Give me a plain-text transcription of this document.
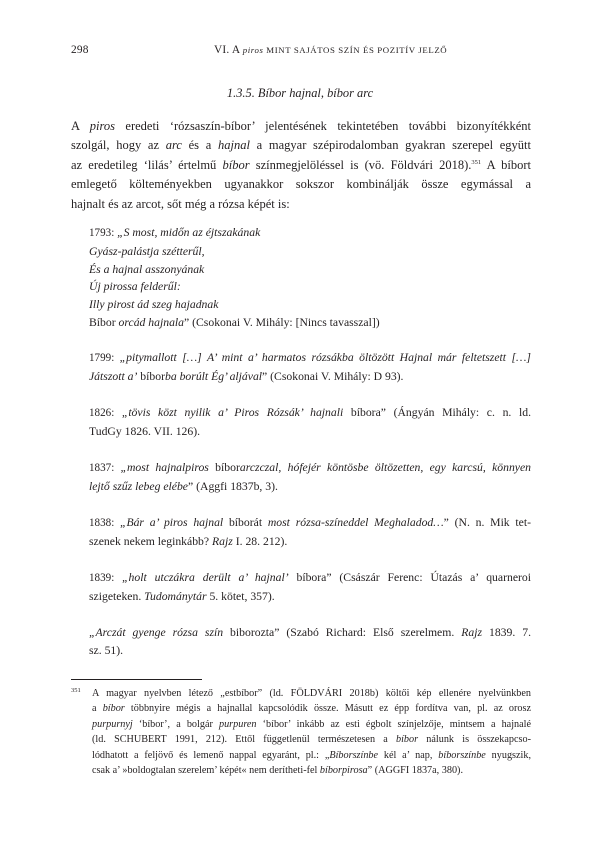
298	VI. A piros MINT SAJÁTOS SZÍN ÉS POZITÍV JELZŐ
1.3.5. Bíbor hajnal, bíbor arc
A piros eredeti ‘rózsaszín-bíbor’ jelentésének tekintetében további bizonyítékként
szolgál, hogy az arc és a hajnal a magyar szépirodalomban gyakran szerepel együtt
az eredetileg ‘lilás’ értelmű bíbor színmegjelöléssel is (vö. Földvári 2018).$^{351}$ A bíbort
emlegető költeményekben ugyanakkor sokszor kombinálják össze egymással a
hajnalt és az arcot, sőt még a rózsa képét is:
1793: „S most, midőn az éjtszakának
Gyász-palástja szétterűl,
És a hajnal asszonyának
Új pirossa felderűl:
Illy pirost ád szeg hajadnak
Bíbor orcád hajnala” (Csokonai V. Mihály: [Nincs tavasszal])
1799: „pitymallott […] A’ mint a’ harmatos rózsákba öltözött Hajnal már feltetszett […]
Játszott a’ bíborba borúlt Ég’ aljával” (Csokonai V. Mihály: D 93).
1826: „tövis közt nyilik a’ Piros Rózsák’ hajnali bíbora” (Ángyán Mihály: c. n. ld.
TudGy 1826. VII. 126).
1837: „most hajnalpiros bíborarczczal, hófejér köntösbe öltözetten, egy karcsú, könnyen
lejtő szűz lebeg elébe” (Aggfi 1837b, 3).
1838: „Bár a’ piros hajnal bíborát most rózsa-színeddel Meghaladod…” (N. n. Mik tet-
szenek nekem leginkább? Rajz I. 28. 212).
1839: „holt utczákra derült a’ hajnal’ bíbora” (Császár Ferenc: Útazás a’ quarneroi
szigeteken. Tudománytár 5. kötet, 357).
„Arczát gyenge rózsa szín biborozta” (Szabó Richard: Első szerelmem. Rajz 1839. 7.
sz. 51).
351 A magyar nyelvben létező „estbíbor” (ld. FÖLDVÁRI 2018b) költői kép ellenére nyelvünkben
a bíbor többnyire mégis a hajnallal kapcsolódik össze. Másutt ez épp fordítva van, pl. az orosz
purpurnyj ‘bíbor’, a bolgár purpuren ‘bíbor’ inkább az esti égbolt színjelzője, mintsem a hajnalé
(ld. SCHUBERT 1991, 212). Ettől függetlenül természetesen a bíbor nálunk is összekapcso-
lódhatott a feljövő és lemenő nappal egyaránt, pl.: „Bíborszínbe kél a’ nap, bíborszínbe nyugszik,
csak a’ »boldogtalan szerelem’ képét« nem derítheti-fel bíborpirosa” (AGGFI 1837a, 380).
